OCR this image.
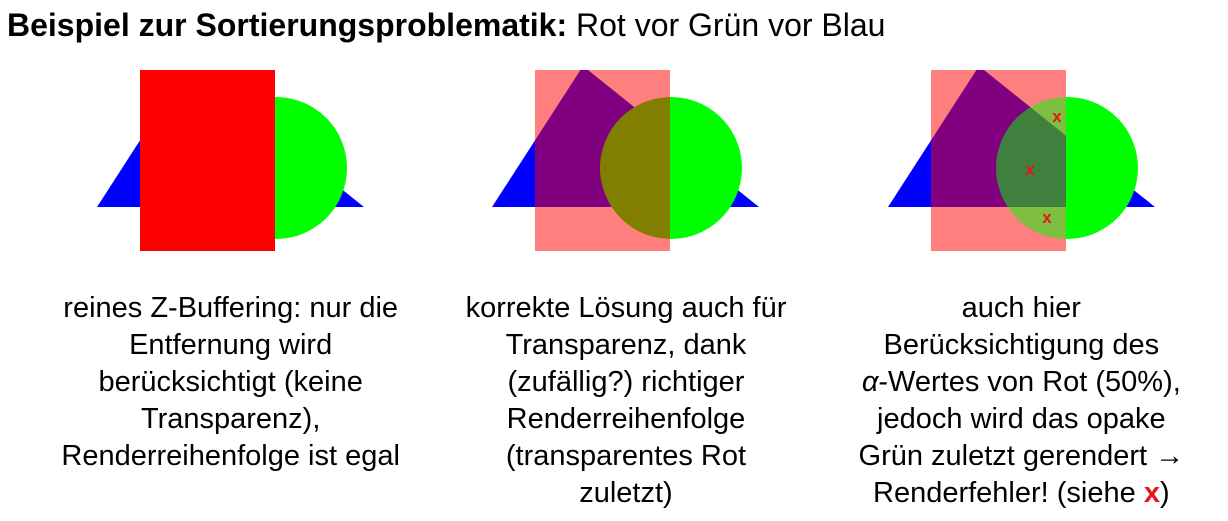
Beispiel zur Sortierungsproblematik: Rot vor Grün vor Blau

reines Z-Buffering: nur die
Entfernung wird
berücksichtigt (keine
Transparenz),
Renderreihenfolge ist egal

korrekte Lösung auch für
Transparenz, dank
(zufällig?) richtiger
Renderreihenfolge
(transparentes Rot
zuletzt)

x
x
x

auch hier
Berücksichtigung des
α-Wertes von Rot (50%),
jedoch wird das opake
Grün zuletzt gerendert →
Renderfehler! (siehe x)
